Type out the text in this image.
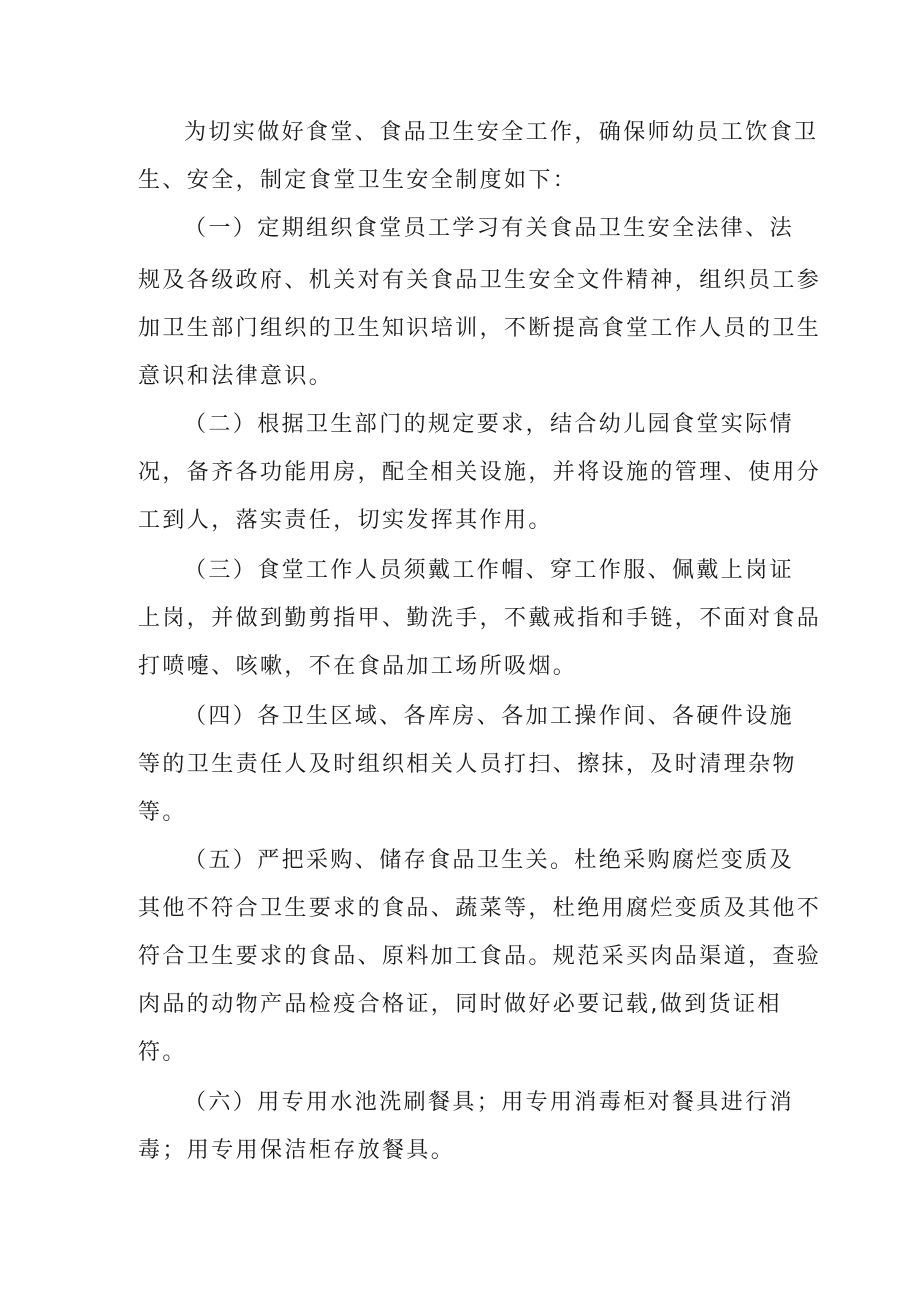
为切实做好食堂、食品卫生安全工作，确保师幼员工饮食卫
生、安全，制定食堂卫生安全制度如下：
（一）定期组织食堂员工学习有关食品卫生安全法律、法
规及各级政府、机关对有关食品卫生安全文件精神，组织员工参
加卫生部门组织的卫生知识培训，不断提高食堂工作人员的卫生
意识和法律意识。
（二）根据卫生部门的规定要求，结合幼儿园食堂实际情
况，备齐各功能用房，配全相关设施，并将设施的管理、使用分
工到人，落实责任，切实发挥其作用。
（三）食堂工作人员须戴工作帽、穿工作服、佩戴上岗证
上岗，并做到勤剪指甲、勤洗手，不戴戒指和手链，不面对食品
打喷嚏、咳嗽，不在食品加工场所吸烟。
（四）各卫生区域、各库房、各加工操作间、各硬件设施
等的卫生责任人及时组织相关人员打扫、擦抹，及时清理杂物
等。
（五）严把采购、储存食品卫生关。杜绝采购腐烂变质及
其他不符合卫生要求的食品、蔬菜等，杜绝用腐烂变质及其他不
符合卫生要求的食品、原料加工食品。规范采买肉品渠道，查验
肉品的动物产品检疫合格证，同时做好必要记载,做到货证相
符。
（六）用专用水池洗刷餐具；用专用消毒柜对餐具进行消
毒；用专用保洁柜存放餐具。
